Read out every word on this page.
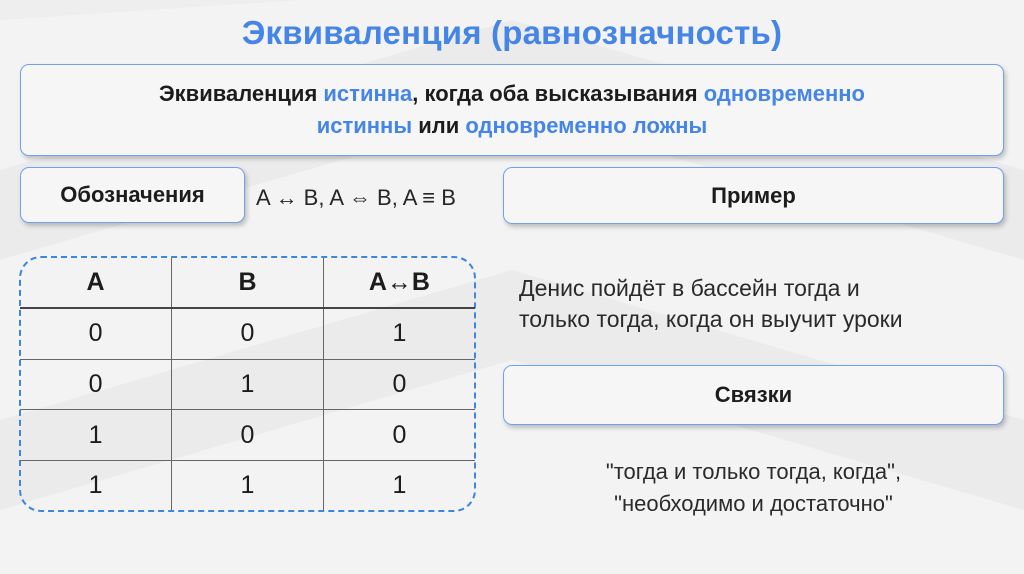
Эквиваленция (равнозначность)
Эквиваленция истинна, когда оба высказывания одновременно
истинны или одновременно ложны
Обозначения A ↔ B, A ⇔ B, A ≡ B	Пример
Денис пойдёт в бассейн тогда и
только тогда, когда он выучит уроки
Связки
"тогда и только тогда, когда",
"необходимо и достаточно"
A	B	A↔B
0	0	1
0	1	0
1	0	0
1	1	1
